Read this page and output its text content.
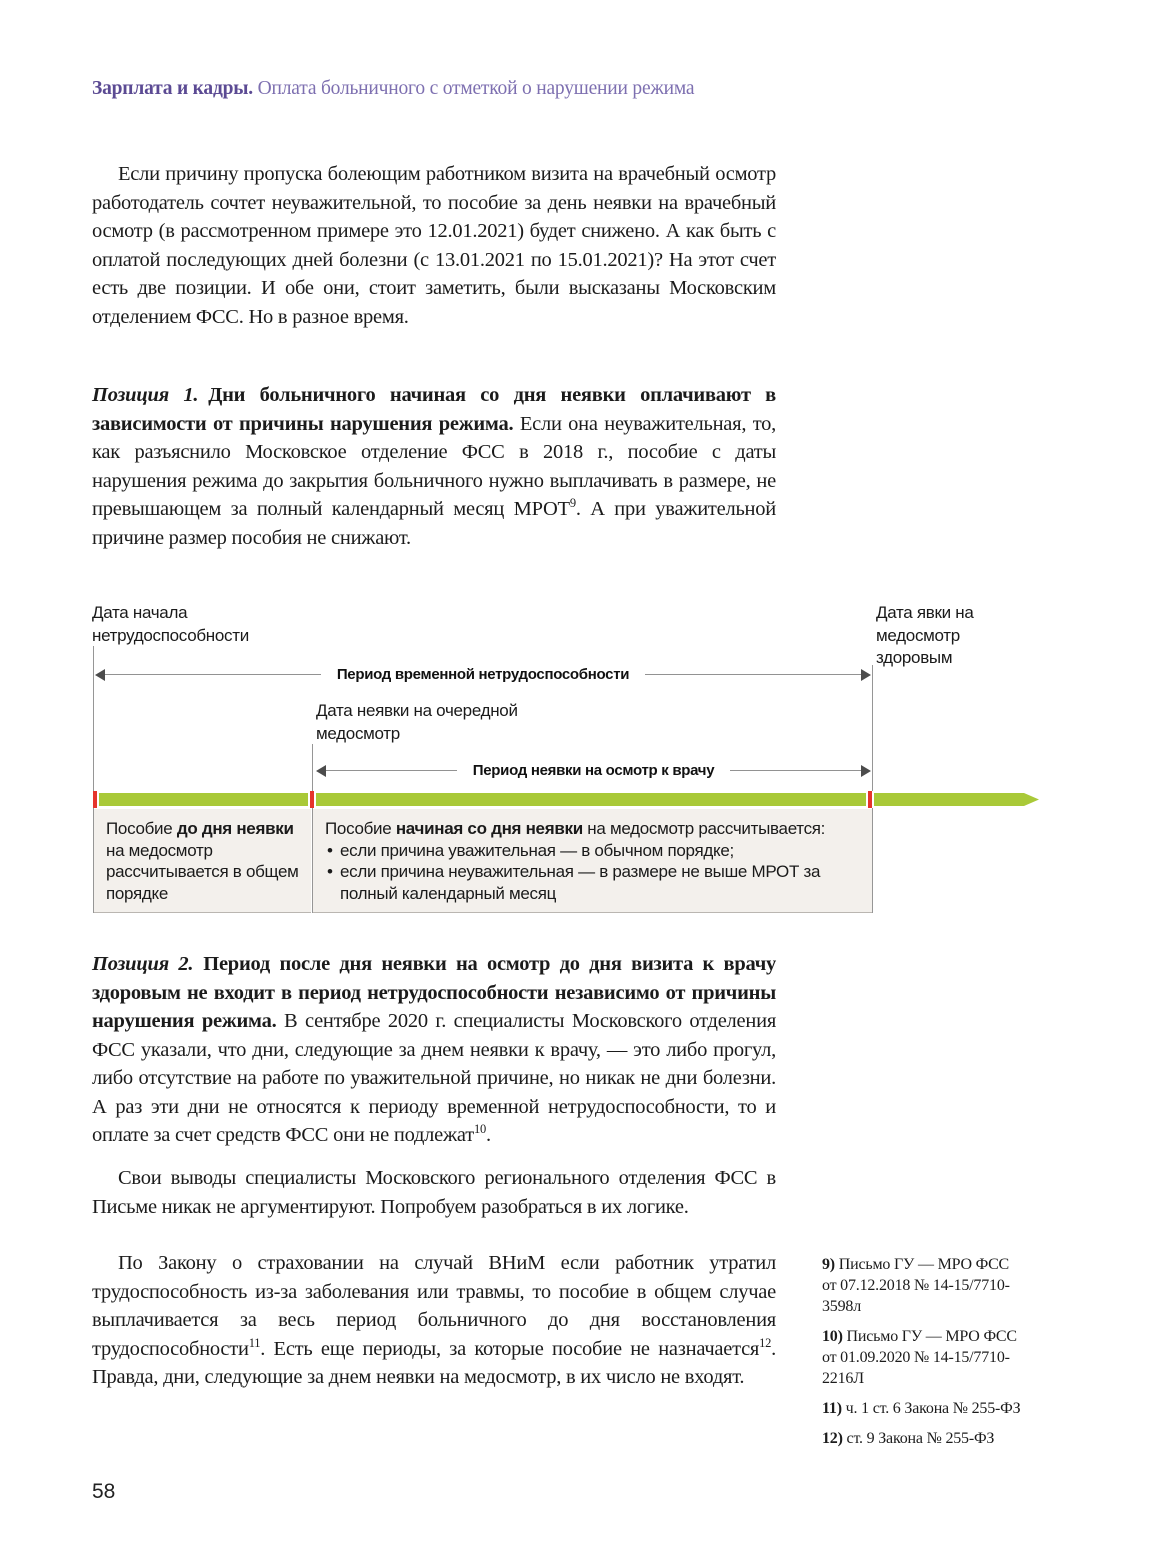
Зарплата и кадры. Оплата больничного с отметкой о нарушении режима

Если причину пропуска болеющим работником визита на врачебный осмотр работодатель сочтет неуважительной, то пособие за день неявки на врачебный осмотр (в рассмотренном примере это 12.01.2021) будет снижено. А как быть с оплатой последующих дней болезни (с 13.01.2021 по 15.01.2021)? На этот счет есть две позиции. И обе они, стоит заметить, были высказаны Московским отделением ФСС. Но в разное время.

Позиция 1. Дни больничного начиная со дня неявки оплачивают в зависимости от причины нарушения режима. Если она неуважительная, то, как разъяснило Московское отделение ФСС в 2018 г., пособие с даты нарушения режима до закрытия больничного нужно выплачивать в размере, не превышающем за полный календарный месяц МРОТ$^9$. А при уважительной причине размер пособия не снижают.

Дата начала нетрудоспособности
Дата явки на медосмотр здоровым
Дата неявки на очередной медосмотр
Период временной нетрудоспособности
Период неявки на осмотр к врачу
Пособие до дня неявки на медосмотр рассчитывается в общем порядке
Пособие начиная со дня неявки на медосмотр рассчитывается:
• если причина уважительная — в обычном порядке;
• если причина неуважительная — в размере не выше МРОТ за полный календарный месяц

Позиция 2. Период после дня неявки на осмотр до дня визита к врачу здоровым не входит в период нетрудоспособности независимо от причины нарушения режима. В сентябре 2020 г. специалисты Московского отделения ФСС указали, что дни, следующие за днем неявки к врачу, — это либо прогул, либо отсутствие на работе по уважительной причине, но никак не дни болезни. А раз эти дни не относятся к периоду временной нетрудоспособности, то и оплате за счет средств ФСС они не подлежат$^{10}$.

Свои выводы специалисты Московского регионального отделения ФСС в Письме никак не аргументируют. Попробуем разобраться в их логике.

По Закону о страховании на случай ВНиМ если работник утратил трудоспособность из-за заболевания или травмы, то пособие в общем случае выплачивается за весь период больничного до дня восстановления трудоспособности$^{11}$. Есть еще периоды, за которые пособие не назначается$^{12}$. Правда, дни, следующие за днем неявки на медосмотр, в их число не входят.

9) Письмо ГУ — МРО ФСС от 07.12.2018 № 14-15/7710-3598л
10) Письмо ГУ — МРО ФСС от 01.09.2020 № 14-15/7710-2216Л
11) ч. 1 ст. 6 Закона № 255-ФЗ
12) ст. 9 Закона № 255-ФЗ
58
